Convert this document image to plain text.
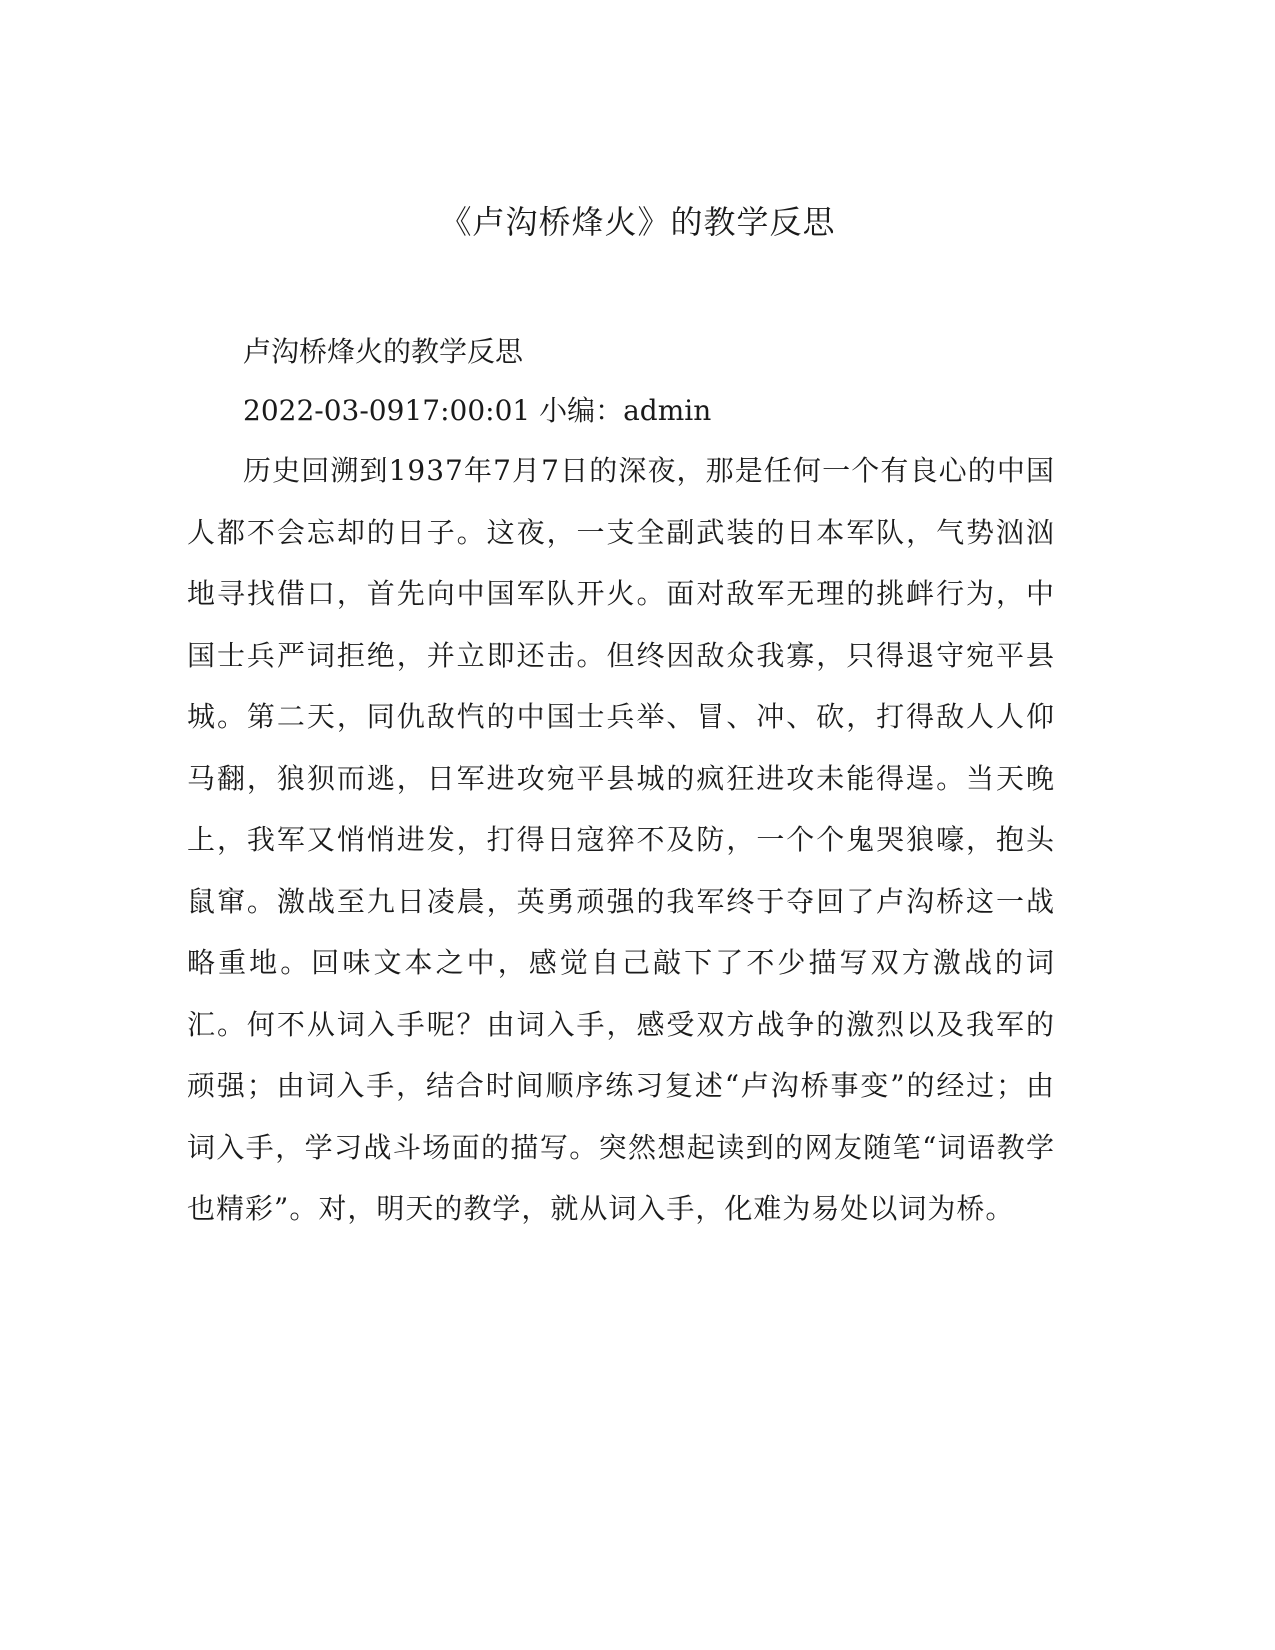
《卢沟桥烽火》的教学反思

卢沟桥烽火的教学反思

2022-03-0917:00:01 小编：admin

历史回溯到1937年7月7日的深夜，那是任何一个有良心的中国人都不会忘却的日子。这夜，一支全副武装的日本军队，气势汹汹地寻找借口，首先向中国军队开火。面对敌军无理的挑衅行为，中国士兵严词拒绝，并立即还击。但终因敌众我寡，只得退守宛平县城。第二天，同仇敌忾的中国士兵举、冒、冲、砍，打得敌人人仰马翻，狼狈而逃，日军进攻宛平县城的疯狂进攻未能得逞。当天晚上，我军又悄悄进发，打得日寇猝不及防，一个个鬼哭狼嚎，抱头鼠窜。激战至九日凌晨，英勇顽强的我军终于夺回了卢沟桥这一战略重地。回味文本之中，感觉自己敲下了不少描写双方激战的词汇。何不从词入手呢？由词入手，感受双方战争的激烈以及我军的顽强；由词入手，结合时间顺序练习复述“卢沟桥事变”的经过；由词入手，学习战斗场面的描写。突然想起读到的网友随笔“词语教学也精彩”。对，明天的教学，就从词入手，化难为易处以词为桥。
